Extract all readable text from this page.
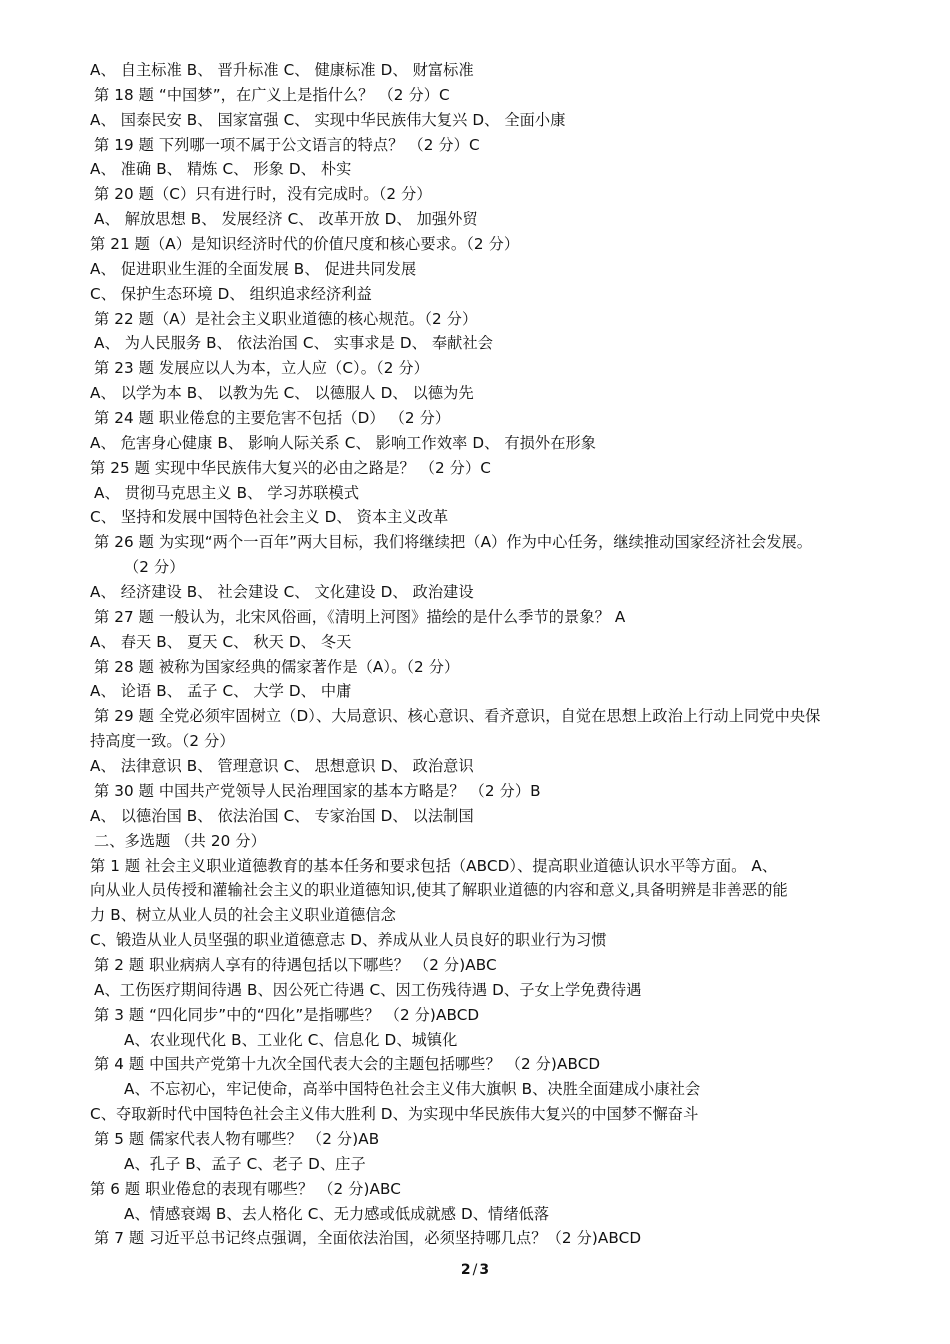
A、 自主标准 B、 晋升标准 C、 健康标准 D、 财富标准
第 18 题 “中国梦”，在广义上是指什么？ （2 分）C
A、 国泰民安 B、 国家富强 C、 实现中华民族伟大复兴 D、 全面小康
第 19 题 下列哪一项不属于公文语言的特点？ （2 分）C
A、 准确 B、 精炼 C、 形象 D、 朴实
第 20 题（C）只有进行时，没有完成时。（2 分）
A、 解放思想 B、 发展经济 C、 改革开放 D、 加强外贸
第 21 题（A）是知识经济时代的价值尺度和核心要求。（2 分）
A、 促进职业生涯的全面发展 B、 促进共同发展
C、 保护生态环境 D、 组织追求经济利益
第 22 题（A）是社会主义职业道德的核心规范。（2 分）
A、 为人民服务 B、 依法治国 C、 实事求是 D、 奉献社会
第 23 题 发展应以人为本，立人应（C）。（2 分）
A、 以学为本 B、 以教为先 C、 以德服人 D、 以德为先
第 24 题 职业倦怠的主要危害不包括（D） （2 分）
A、 危害身心健康 B、 影响人际关系 C、 影响工作效率 D、 有损外在形象
第 25 题 实现中华民族伟大复兴的必由之路是？ （2 分）C
A、 贯彻马克思主义 B、 学习苏联模式
C、 坚持和发展中国特色社会主义 D、 资本主义改革
第 26 题 为实现“两个一百年”两大目标，我们将继续把（A）作为中心任务，继续推动国家经济社会发展。
（2 分）
A、 经济建设 B、 社会建设 C、 文化建设 D、 政治建设
第 27 题 一般认为，北宋风俗画，《清明上河图》描绘的是什么季节的景象？ A
A、 春天 B、 夏天 C、 秋天 D、 冬天
第 28 题 被称为国家经典的儒家著作是（A）。（2 分）
A、 论语 B、 孟子 C、 大学 D、 中庸
第 29 题 全党必须牢固树立（D）、大局意识、核心意识、看齐意识，自觉在思想上政治上行动上同党中央保
持高度一致。（2 分）
A、 法律意识 B、 管理意识 C、 思想意识 D、 政治意识
第 30 题 中国共产党领导人民治理国家的基本方略是？ （2 分）B
A、 以德治国 B、 依法治国 C、 专家治国 D、 以法制国
二、多选题 （共 20 分）
第 1 题 社会主义职业道德教育的基本任务和要求包括（ABCD）、提高职业道德认识水平等方面。 A、
向从业人员传授和灌输社会主义的职业道德知识,使其了解职业道德的内容和意义,具备明辨是非善恶的能
力 B、树立从业人员的社会主义职业道德信念
C、锻造从业人员坚强的职业道德意志 D、养成从业人员良好的职业行为习惯
第 2 题 职业病病人享有的待遇包括以下哪些？ （2 分)ABC
A、工伤医疗期间待遇 B、因公死亡待遇 C、因工伤残待遇 D、子女上学免费待遇
第 3 题 “四化同步”中的“四化”是指哪些？ （2 分)ABCD
A、农业现代化 B、工业化 C、信息化 D、城镇化
第 4 题 中国共产党第十九次全国代表大会的主题包括哪些？ （2 分)ABCD
A、不忘初心，牢记使命，高举中国特色社会主义伟大旗帜 B、决胜全面建成小康社会
C、夺取新时代中国特色社会主义伟大胜利 D、为实现中华民族伟大复兴的中国梦不懈奋斗
第 5 题 儒家代表人物有哪些？ （2 分)AB
A、孔子 B、孟子 C、老子 D、庄子
第 6 题 职业倦怠的表现有哪些？ （2 分)ABC
A、情感衰竭 B、去人格化 C、无力感或低成就感 D、情绪低落
第 7 题 习近平总书记终点强调，全面依法治国，必须坚持哪几点？（2 分)ABCD
2 / 3
